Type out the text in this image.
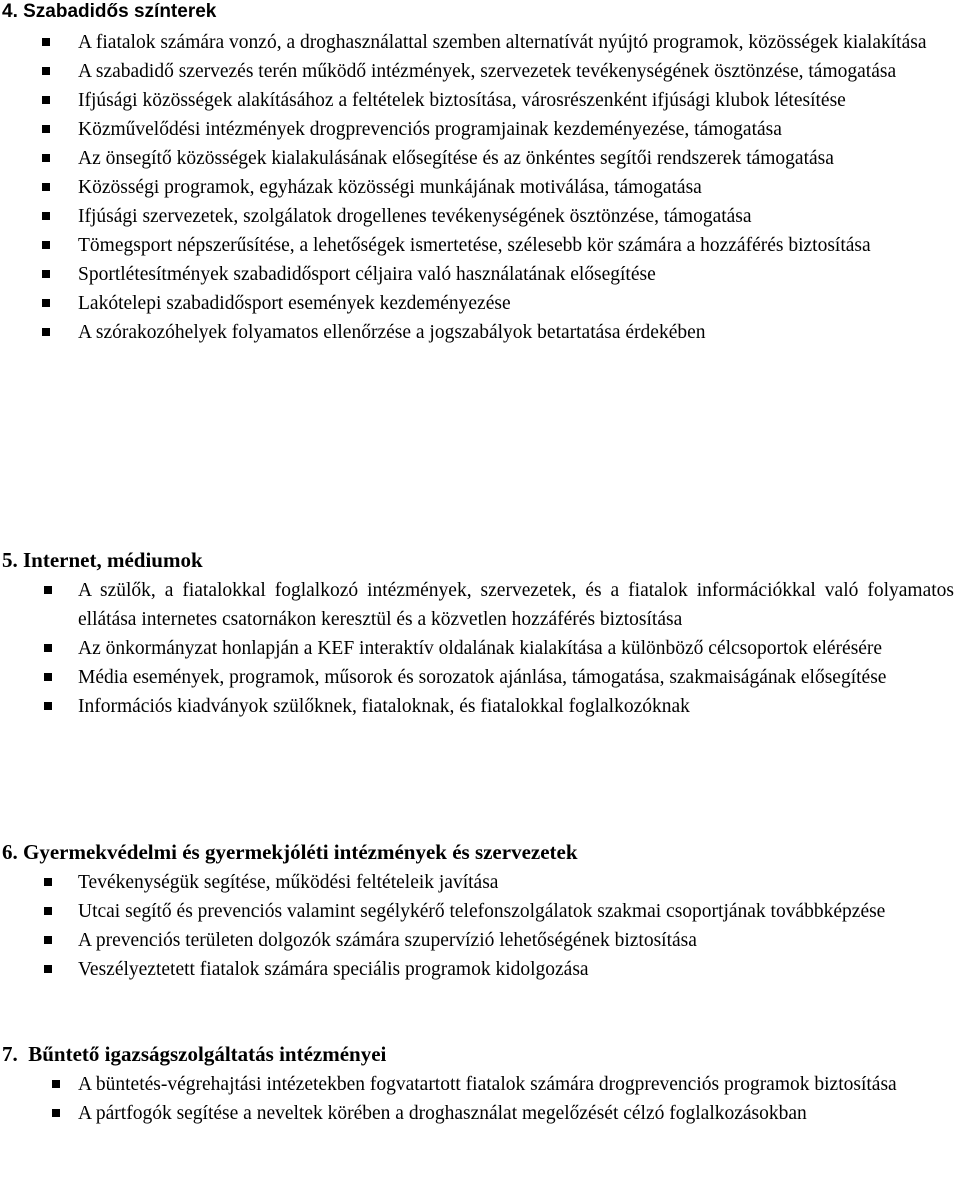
4. Szabadidős színterek
A fiatalok számára vonzó, a droghasználattal szemben alternatívát nyújtó programok, közösségek kialakítása
A szabadidő szervezés terén működő intézmények, szervezetek tevékenységének ösztönzése, támogatása
Ifjúsági közösségek alakításához a feltételek biztosítása, városrészenként ifjúsági klubok létesítése
Közművelődési intézmények drogprevenciós programjainak kezdeményezése, támogatása
Az önsegítő közösségek kialakulásának elősegítése és az önkéntes segítői rendszerek támogatása
Közösségi programok, egyházak közösségi munkájának motiválása, támogatása
Ifjúsági szervezetek, szolgálatok drogellenes tevékenységének ösztönzése, támogatása
Tömegsport népszerűsítése, a lehetőségek ismertetése, szélesebb kör számára a hozzáférés biztosítása
Sportlétesítmények szabadidősport céljaira való használatának elősegítése
Lakótelepi szabadidősport események kezdeményezése
A szórakozóhelyek folyamatos ellenőrzése a jogszabályok betartatása érdekében
5. Internet, médiumok
A szülők, a fiatalokkal foglalkozó intézmények, szervezetek, és a fiatalok információkkal való folyamatos ellátása internetes csatornákon keresztül és a közvetlen hozzáférés biztosítása
Az önkormányzat honlapján a KEF interaktív oldalának kialakítása a különböző célcsoportok elérésére
Média események, programok, műsorok és sorozatok ajánlása, támogatása, szakmaiságának elősegítése
Információs kiadványok szülőknek, fiataloknak, és fiatalokkal foglalkozóknak
6. Gyermekvédelmi és gyermekjóléti intézmények és szervezetek
Tevékenységük segítése, működési feltételeik javítása
Utcai segítő és prevenciós valamint segélykérő telefonszolgálatok szakmai csoportjának továbbképzése
A prevenciós területen dolgozók számára szupervízió lehetőségének biztosítása
Veszélyeztetett fiatalok számára speciális programok kidolgozása
7.  Bűntető igazságszolgáltatás intézményei
A büntetés-végrehajtási intézetekben fogvatartott fiatalok számára drogprevenciós programok biztosítása
A pártfogók segítése a neveltek körében a droghasználat megelőzését célzó foglalkozásokban
